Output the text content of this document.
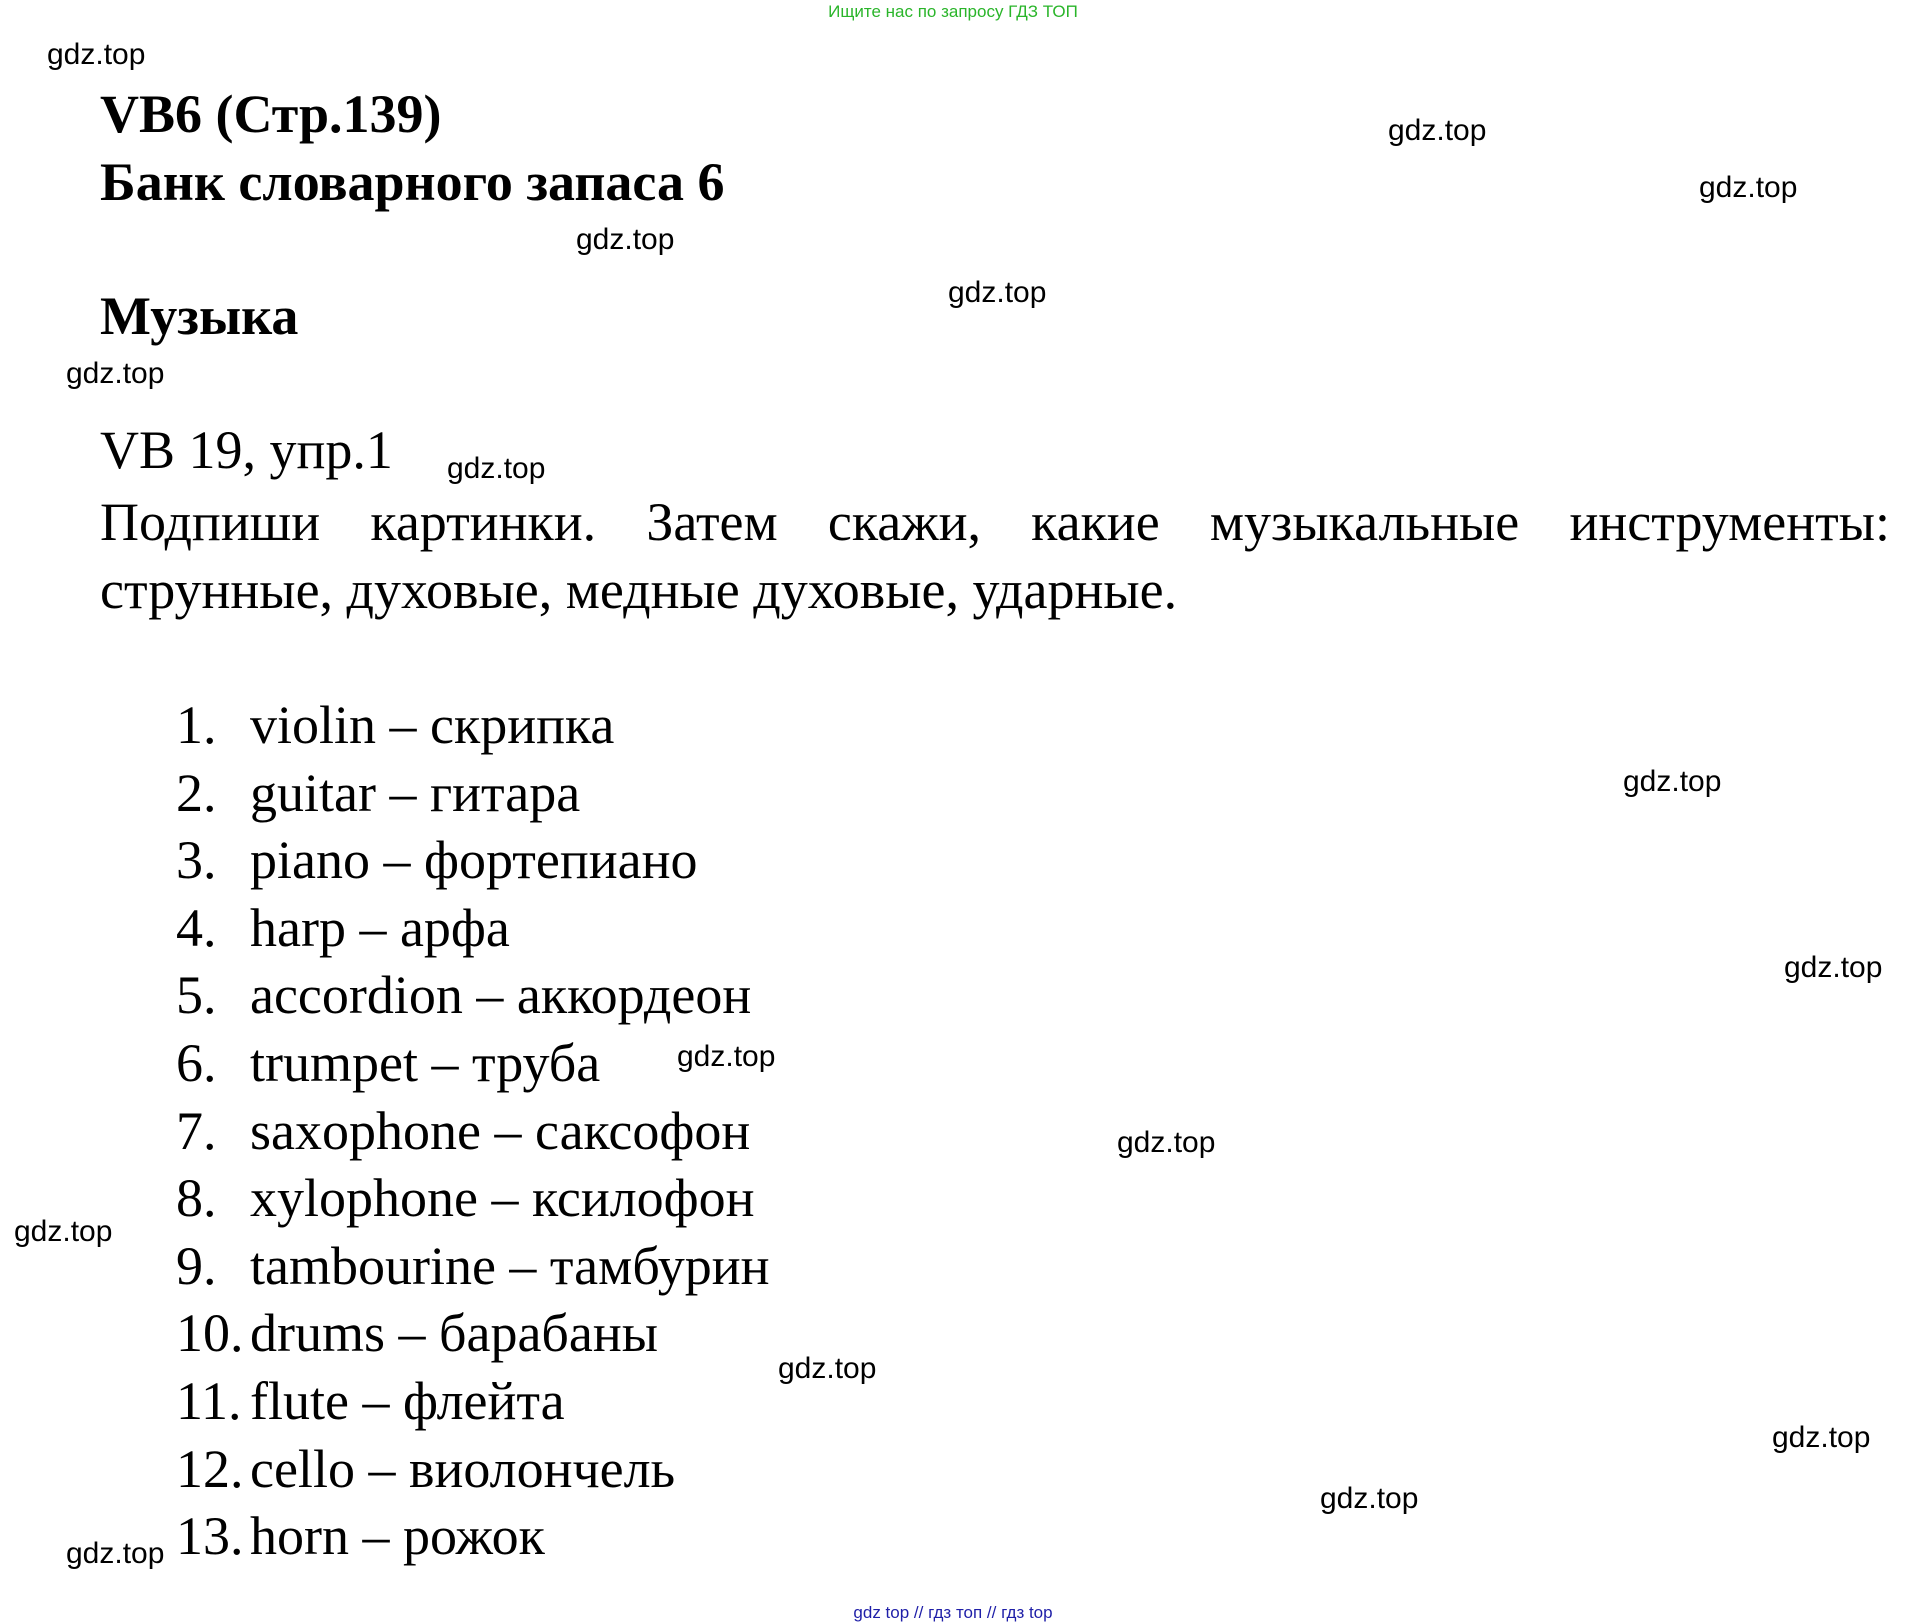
Ищите нас по запросу ГДЗ ТОП
VB6 (Стр.139)
Банк словарного запаса 6
Музыка
VB 19, упр.1
Подпиши картинки. Затем скажи, какие музыкальные инструменты: струнные, духовые, медные духовые, ударные.
1. violin – скрипка
2. guitar – гитара
3. piano – фортепиано
4. harp – арфа
5. accordion – аккордеон
6. trumpet – труба
7. saxophone – саксофон
8. xylophone – ксилофон
9. tambourine – тамбурин
10. drums – барабаны
11. flute – флейта
12. cello – виолончель
13. horn – рожок
gdz.top
gdz.top
gdz.top
gdz.top
gdz.top
gdz.top
gdz.top
gdz.top
gdz.top
gdz.top
gdz.top
gdz.top
gdz.top
gdz.top
gdz.top
gdz.top
gdz top // гдз топ // гдз top
